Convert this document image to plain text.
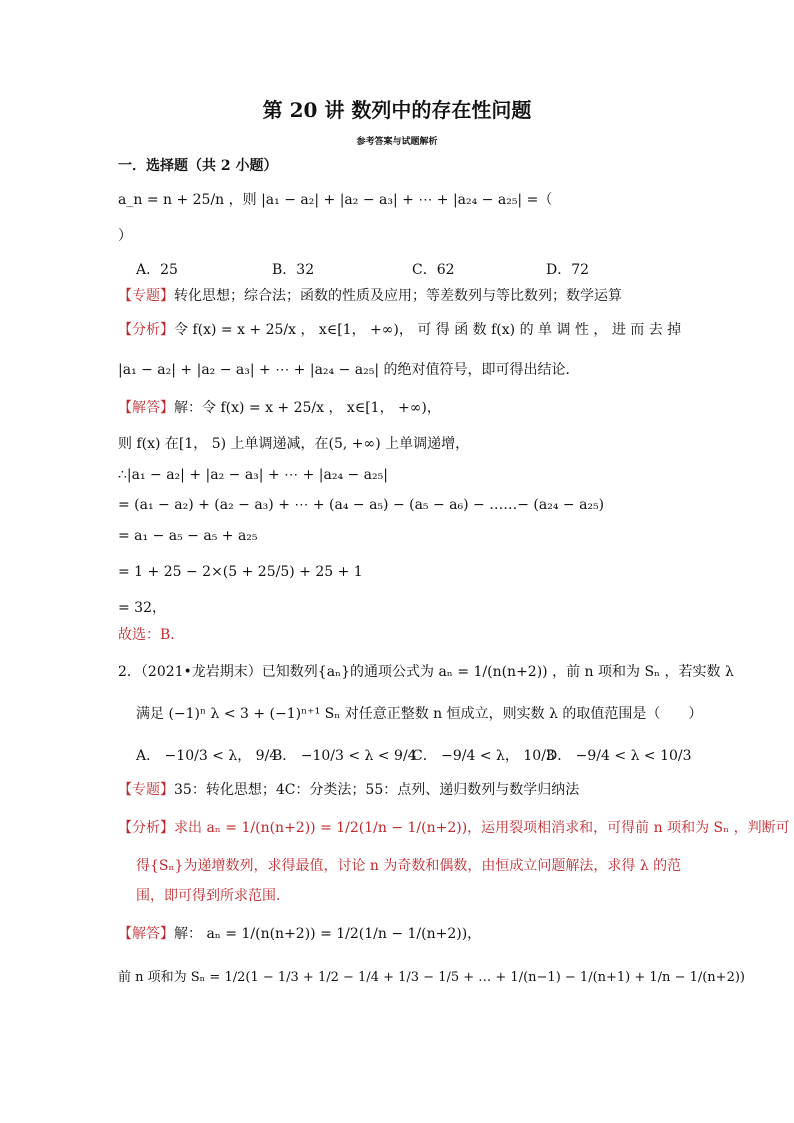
第 20 讲 数列中的存在性问题
参考答案与试题解析
一．选择题（共 2 小题）
a_n = n + 25/n ，则 |a₁ − a₂| + |a₂ − a₃| + ⋯ + |a₂₄ − a₂₅| =（
）
A．25	B．32	C．62	D．72
【专题】转化思想；综合法；函数的性质及应用；等差数列与等比数列；数学运算
【分析】令 f(x) = x + 25/x ， x∈[1， +∞)， 可 得 函 数 f(x) 的 单 调 性 ， 进 而 去 掉
|a₁ − a₂| + |a₂ − a₃| + ⋯ + |a₂₄ − a₂₅| 的绝对值符号，即可得出结论．
【解答】解：令 f(x) = x + 25/x ， x∈[1， +∞)，
则 f(x) 在[1， 5) 上单调递减，在(5, +∞) 上单调递增，
∴|a₁ − a₂| + |a₂ − a₃| + ⋯ + |a₂₄ − a₂₅|
= (a₁ − a₂) + (a₂ − a₃) + ⋯ + (a₄ − a₅) − (a₅ − a₆) − ……− (a₂₄ − a₂₅)
= a₁ − a₅ − a₅ + a₂₅
= 1 + 25 − 2×(5 + 25/5) + 25 + 1
= 32，
故选：B．
2．（2021•龙岩期末）已知数列{aₙ}的通项公式为 aₙ = 1/(n(n+2)) ，前 n 项和为 Sₙ ，若实数 λ
满足 (−1)ⁿ λ < 3 + (−1)ⁿ⁺¹ Sₙ 对任意正整数 n 恒成立，则实数 λ 的取值范围是（　　）
A． −10/3 < λ， 9/4
B． −10/3 < λ < 9/4
C． −9/4 < λ， 10/3
D． −9/4 < λ < 10/3
【专题】35：转化思想；4C：分类法；55：点列、递归数列与数学归纳法
【分析】求出 aₙ = 1/(n(n+2)) = 1/2(1/n − 1/(n+2))，运用裂项相消求和，可得前 n 项和为 Sₙ ，判断可
得{Sₙ}为递增数列，求得最值，讨论 n 为奇数和偶数，由恒成立问题解法，求得 λ 的范
围，即可得到所求范围．
【解答】解： aₙ = 1/(n(n+2)) = 1/2(1/n − 1/(n+2))，
前 n 项和为 Sₙ = 1/2(1 − 1/3 + 1/2 − 1/4 + 1/3 − 1/5 + … + 1/(n−1) − 1/(n+1) + 1/n − 1/(n+2))
